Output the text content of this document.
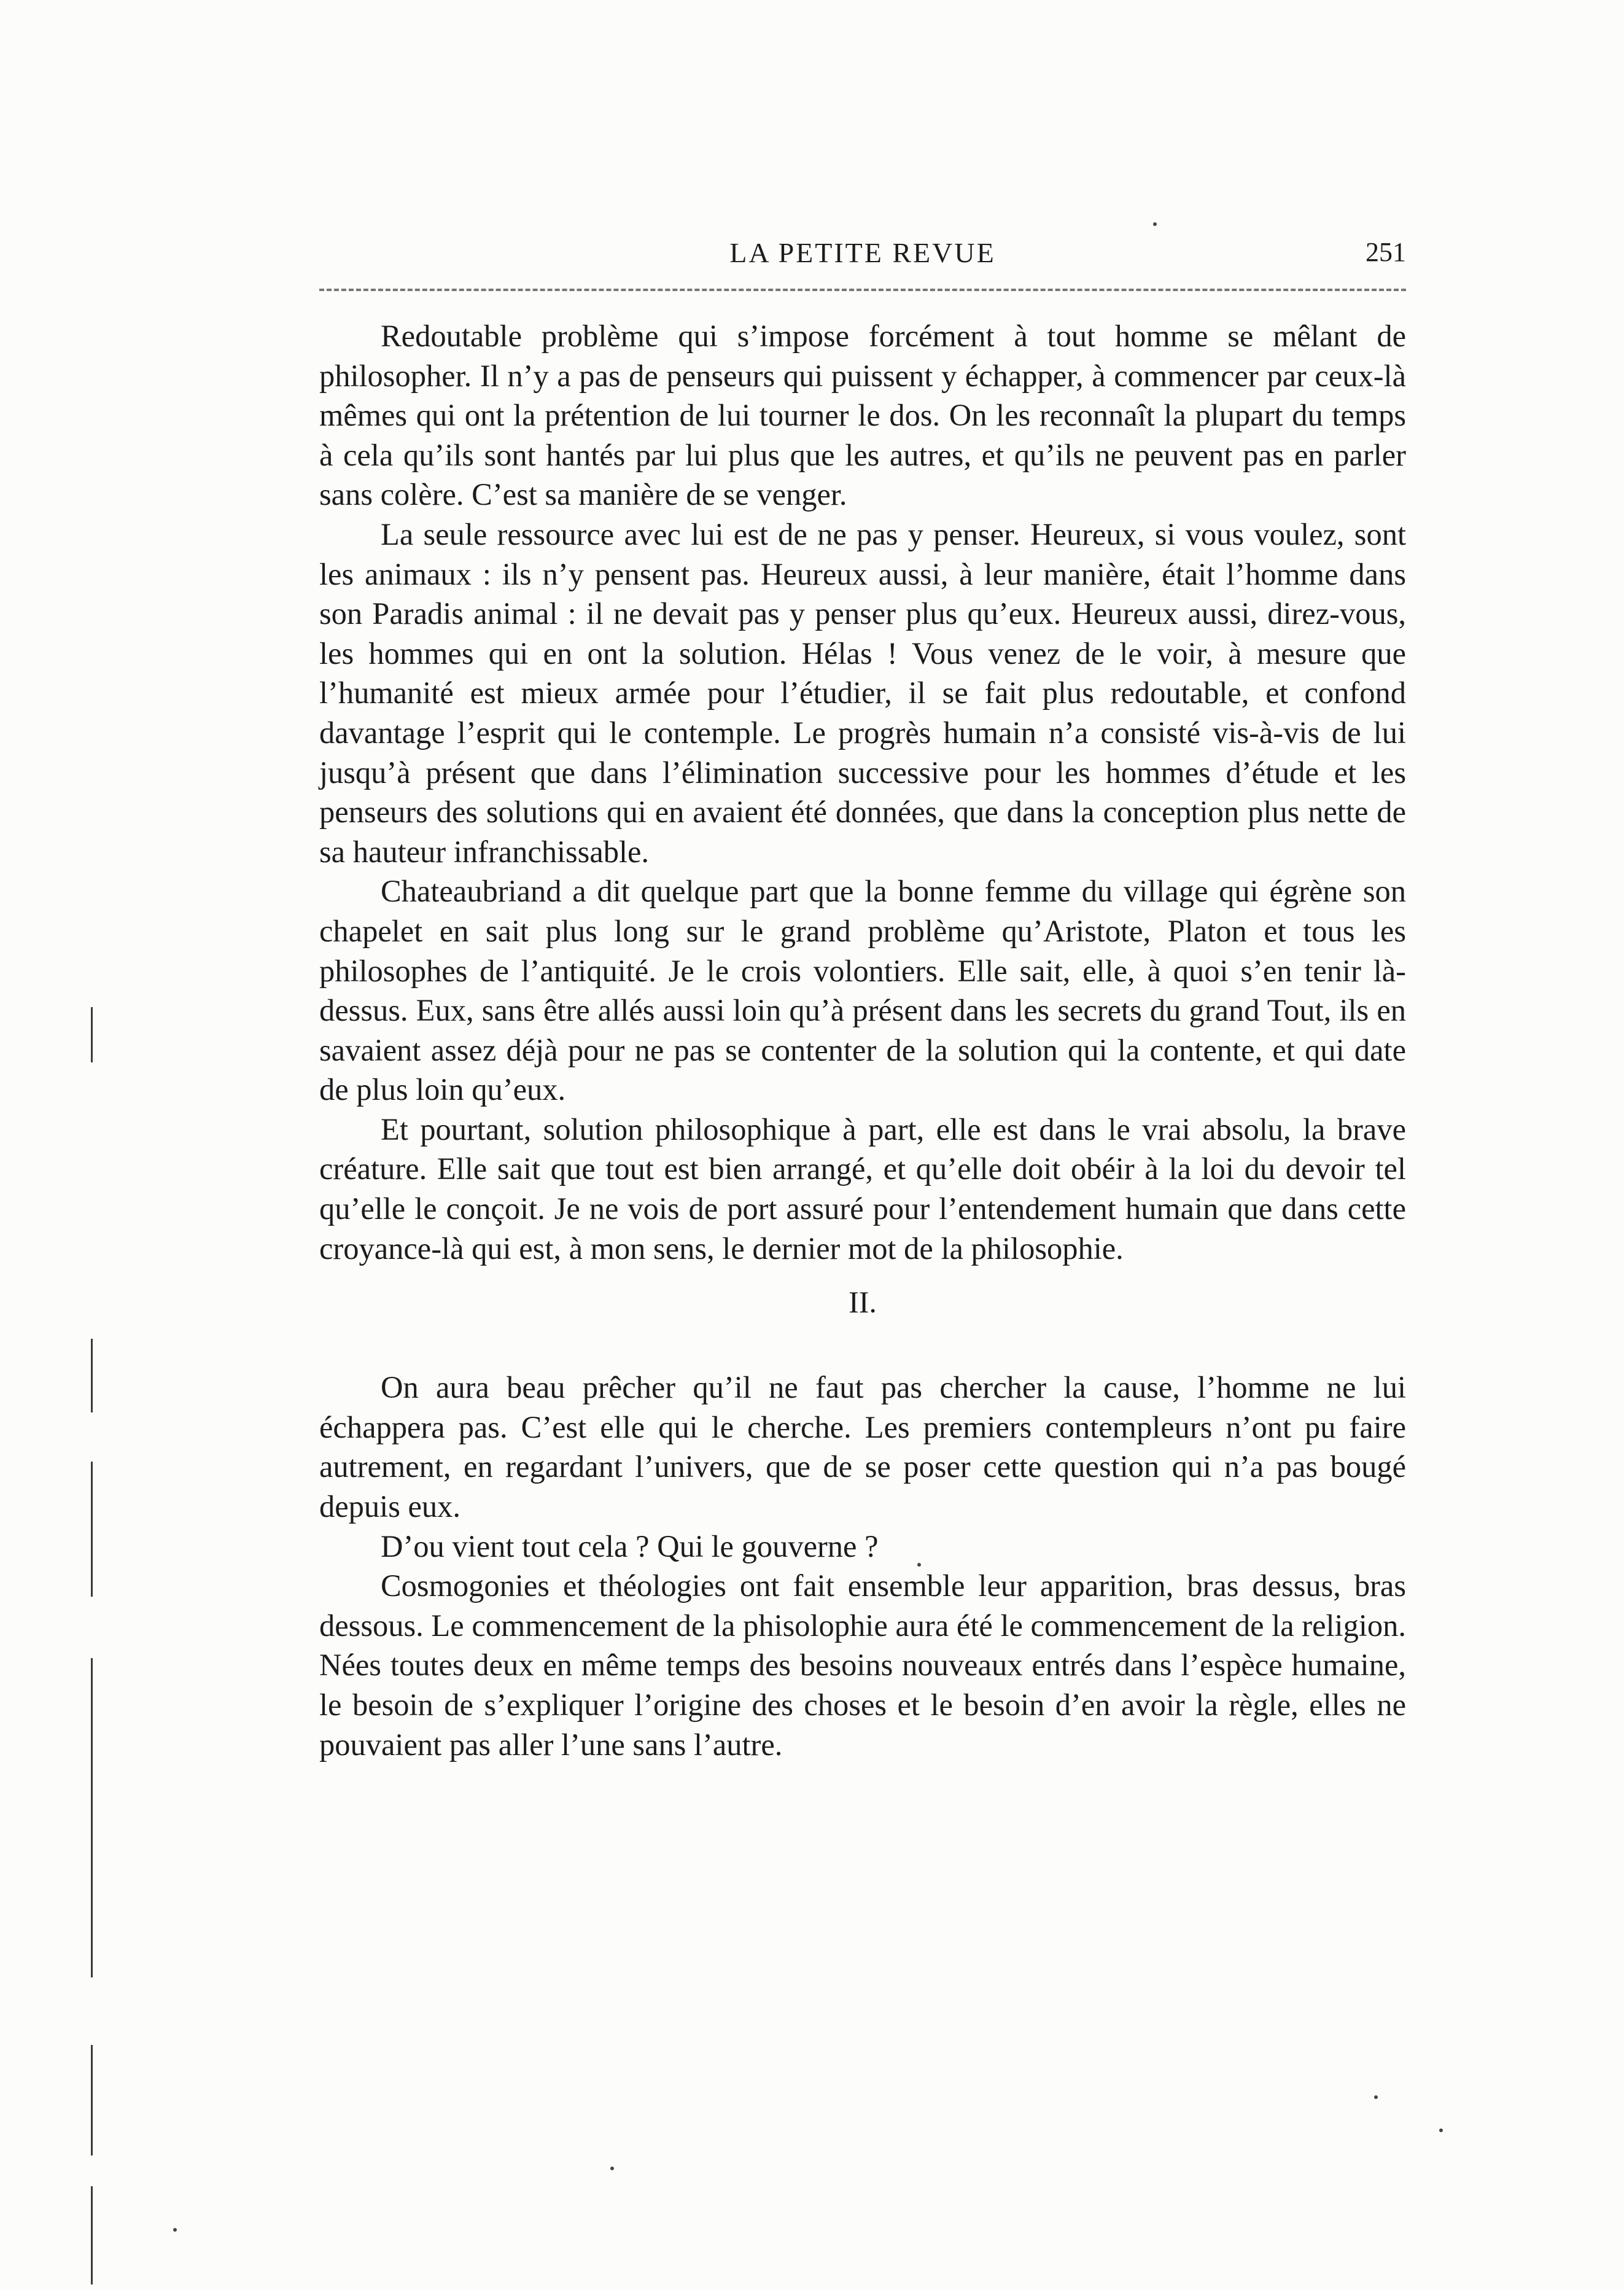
LA PETITE REVUE	251

Redoutable problème qui s’impose forcément à tout homme se mêlant de philosopher. Il n’y a pas de penseurs qui puissent y échapper, à commencer par ceux-là mêmes qui ont la prétention de lui tourner le dos. On les reconnaît la plupart du temps à cela qu’ils sont hantés par lui plus que les autres, et qu’ils ne peuvent pas en parler sans colère. C’est sa manière de se venger.

La seule ressource avec lui est de ne pas y penser. Heureux, si vous voulez, sont les animaux : ils n’y pensent pas. Heureux aussi, à leur manière, était l’homme dans son Paradis animal : il ne devait pas y penser plus qu’eux. Heureux aussi, direz-vous, les hommes qui en ont la solution. Hélas ! Vous venez de le voir, à mesure que l’humanité est mieux armée pour l’étudier, il se fait plus redoutable, et confond davantage l’esprit qui le contemple. Le progrès humain n’a consisté vis-à-vis de lui jusqu’à présent que dans l’élimination successive pour les hommes d’étude et les penseurs des solutions qui en avaient été données, que dans la conception plus nette de sa hauteur infranchissable.

Chateaubriand a dit quelque part que la bonne femme du village qui égrène son chapelet en sait plus long sur le grand problème qu’Aristote, Platon et tous les philosophes de l’antiquité. Je le crois volontiers. Elle sait, elle, à quoi s’en tenir là-dessus. Eux, sans être allés aussi loin qu’à présent dans les secrets du grand Tout, ils en savaient assez déjà pour ne pas se contenter de la solution qui la contente, et qui date de plus loin qu’eux.

Et pourtant, solution philosophique à part, elle est dans le vrai absolu, la brave créature. Elle sait que tout est bien arrangé, et qu’elle doit obéir à la loi du devoir tel qu’elle le conçoit. Je ne vois de port assuré pour l’entendement humain que dans cette croyance-là qui est, à mon sens, le dernier mot de la philosophie.

II.

On aura beau prêcher qu’il ne faut pas chercher la cause, l’homme ne lui échappera pas. C’est elle qui le cherche. Les premiers contempleurs n’ont pu faire autrement, en regardant l’univers, que de se poser cette question qui n’a pas bougé depuis eux.

D’ou vient tout cela ? Qui le gouverne ?

Cosmogonies et théologies ont fait ensemble leur apparition, bras dessus, bras dessous. Le commencement de la phisolophie aura été le commencement de la religion. Nées toutes deux en même temps des besoins nouveaux entrés dans l’espèce humaine, le besoin de s’expliquer l’origine des choses et le besoin d’en avoir la règle, elles ne pouvaient pas aller l’une sans l’autre.
